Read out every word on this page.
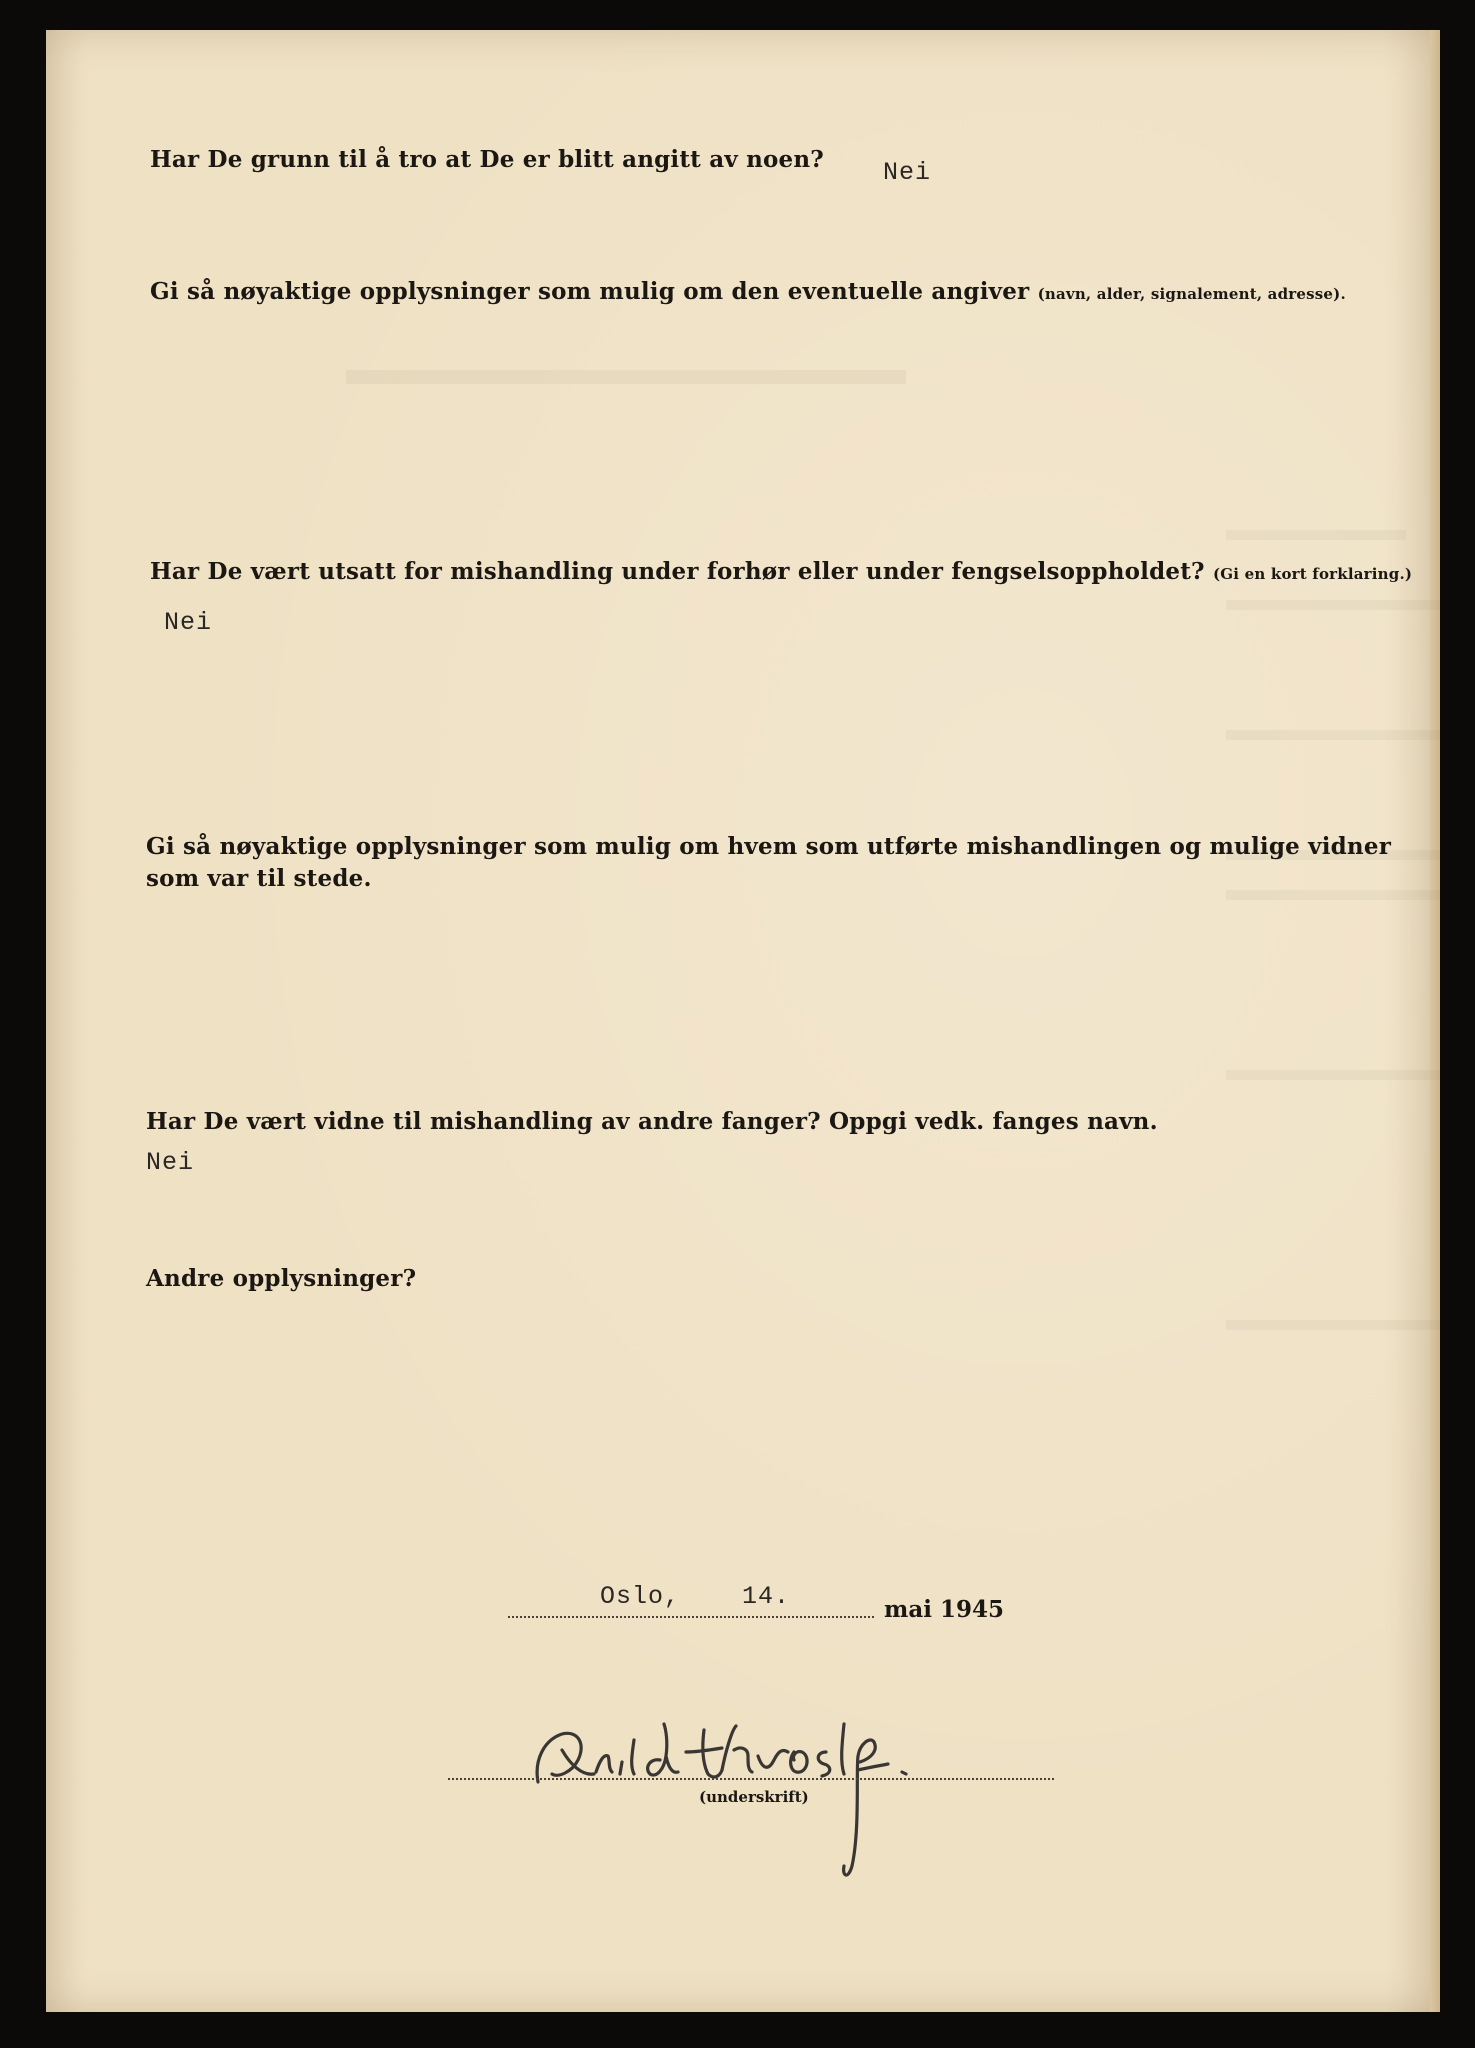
Har De grunn til å tro at De er blitt angitt av noen? Nei
Gi så nøyaktige opplysninger som mulig om den eventuelle angiver (navn, alder, signalement, adresse).
Har De vært utsatt for mishandling under forhør eller under fengselsoppholdet? (Gi en kort forklaring.)
Nei
Gi så nøyaktige opplysninger som mulig om hvem som utførte mishandlingen og mulige vidner
som var til stede.
Har De vært vidne til mishandling av andre fanger? Oppgi vedk. fanges navn.
Nei
Andre opplysninger?
Oslo, 14.	mai 1945
(underskrift)
